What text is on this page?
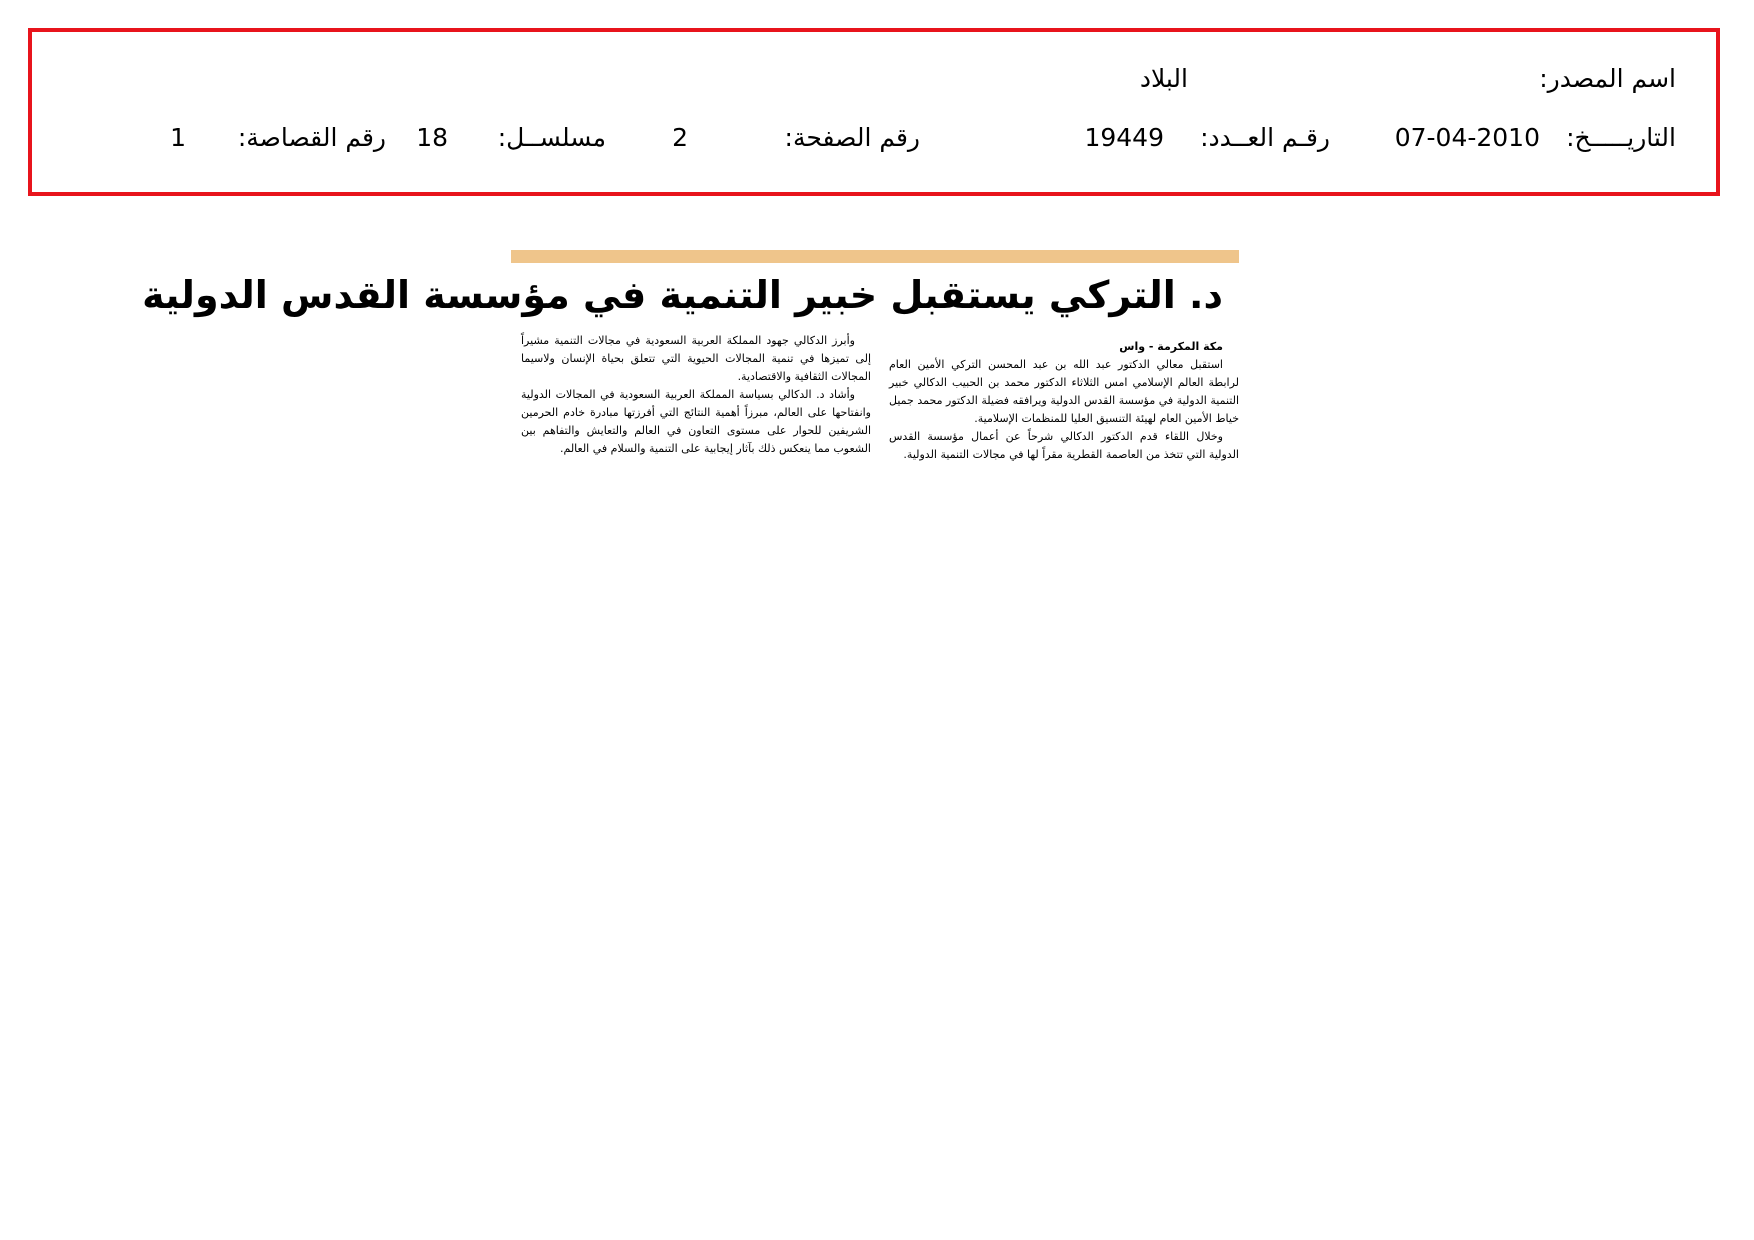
اسم المصدر:
البلاد
التاريـــــخ:
07-04-2010
رقـم العــدد:
19449
رقم الصفحة:
2
مسلســل:
18
رقم القصاصة:
1
د. التركي يستقبل خبير التنمية في مؤسسة القدس الدولية

مكة المكرمة - واس

استقبل معالي الدكتور عبد الله بن عبد المحسن التركي الأمين العام لرابطة العالم الإسلامي امس الثلاثاء الدكتور محمد بن الحبيب الدكالي خبير التنمية الدولية في مؤسسة القدس الدولية ويرافقه فضيلة الدكتور محمد جميل خياط الأمين العام لهيئة التنسيق العليا للمنظمات الإسلامية.

وخلال اللقاء قدم الدكتور الدكالي شرحاً عن أعمال مؤسسة القدس الدولية التي تتخذ من العاصمة القطرية مقراً لها في مجالات التنمية الدولية.

وأبرز الدكالي جهود المملكة العربية السعودية في مجالات التنمية مشيراً إلى تميزها في تنمية المجالات الحيوية التي تتعلق بحياة الإنسان ولاسيما المجالات الثقافية والاقتصادية.

وأشاد د. الدكالي بسياسة المملكة العربية السعودية في المجالات الدولية وانفتاحها على العالم، مبرزاً أهمية النتائج التي أفرزتها مبادرة خادم الحرمين الشريفين للحوار على مستوى التعاون في العالم والتعايش والتفاهم بين الشعوب مما ينعكس ذلك بآثار إيجابية على التنمية والسلام في العالم.
